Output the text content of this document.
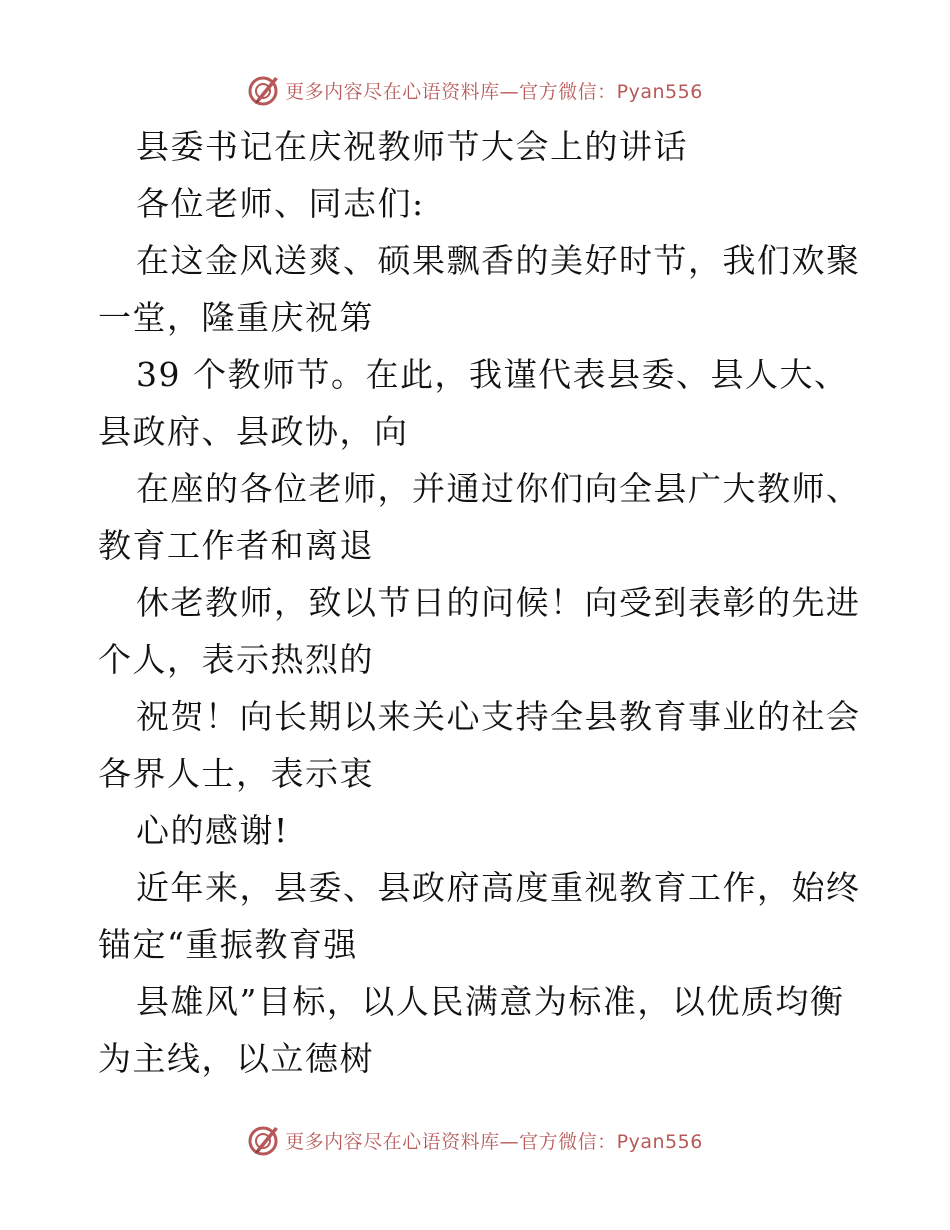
更多内容尽在心语资料库—官方微信：Pyan556
县委书记在庆祝教师节大会上的讲话
各位老师、同志们:
在这金风送爽、硕果飘香的美好时节，我们欢聚
一堂，隆重庆祝第
39 个教师节。在此，我谨代表县委、县人大、
县政府、县政协，向
在座的各位老师，并通过你们向全县广大教师、
教育工作者和离退
休老教师，致以节日的问候！向受到表彰的先进
个人，表示热烈的
祝贺！向长期以来关心支持全县教育事业的社会
各界人士，表示衷
心的感谢!
近年来，县委、县政府高度重视教育工作，始终
锚定“重振教育强
县雄风”目标，以人民满意为标准，以优质均衡
为主线，以立德树
更多内容尽在心语资料库—官方微信：Pyan556
